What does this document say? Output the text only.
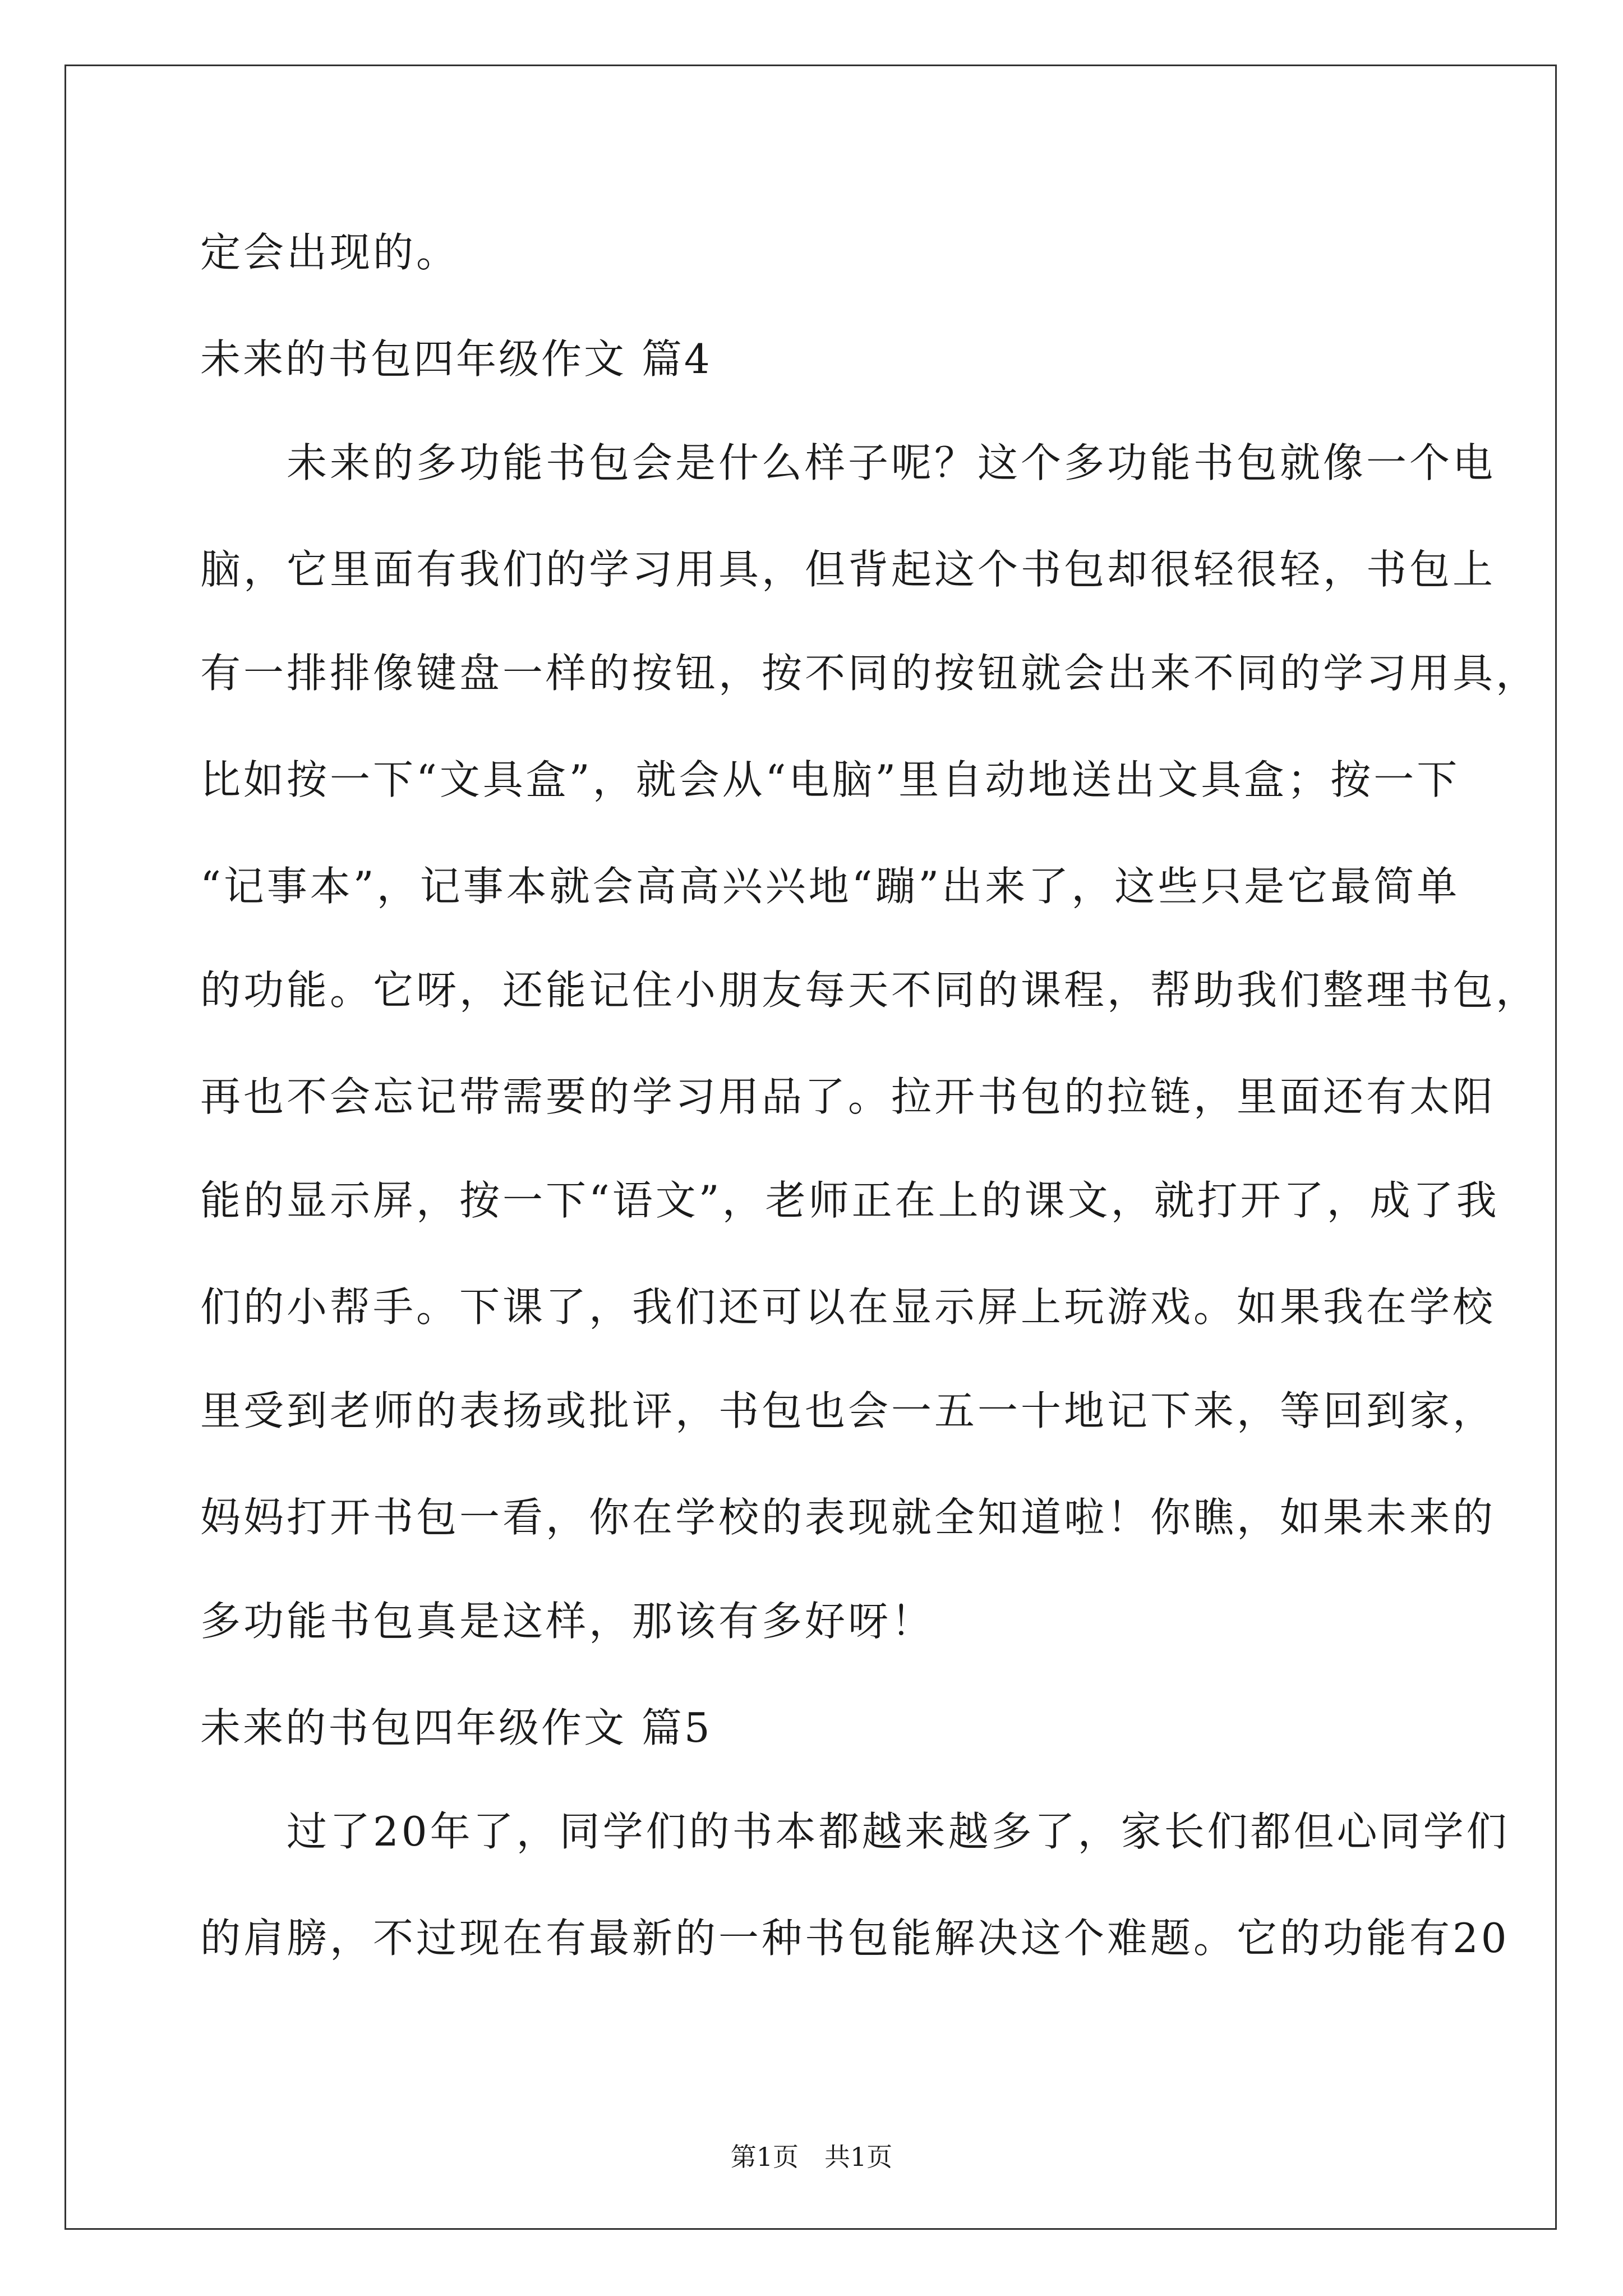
定会出现的。
未来的书包四年级作文 篇4
　　未来的多功能书包会是什么样子呢？这个多功能书包就像一个电
脑，它里面有我们的学习用具，但背起这个书包却很轻很轻，书包上
有一排排像键盘一样的按钮，按不同的按钮就会出来不同的学习用具，
比如按一下“文具盒”，就会从“电脑”里自动地送出文具盒；按一下
“记事本”，记事本就会高高兴兴地“蹦”出来了，这些只是它最简单
的功能。它呀，还能记住小朋友每天不同的课程，帮助我们整理书包，
再也不会忘记带需要的学习用品了。拉开书包的拉链，里面还有太阳
能的显示屏，按一下“语文”，老师正在上的课文，就打开了，成了我
们的小帮手。下课了，我们还可以在显示屏上玩游戏。如果我在学校
里受到老师的表扬或批评，书包也会一五一十地记下来，等回到家，
妈妈打开书包一看，你在学校的表现就全知道啦！你瞧，如果未来的
多功能书包真是这样，那该有多好呀！
未来的书包四年级作文 篇5
　　过了20年了，同学们的书本都越来越多了，家长们都但心同学们
的肩膀，不过现在有最新的一种书包能解决这个难题。它的功能有20
第1页　共1页
